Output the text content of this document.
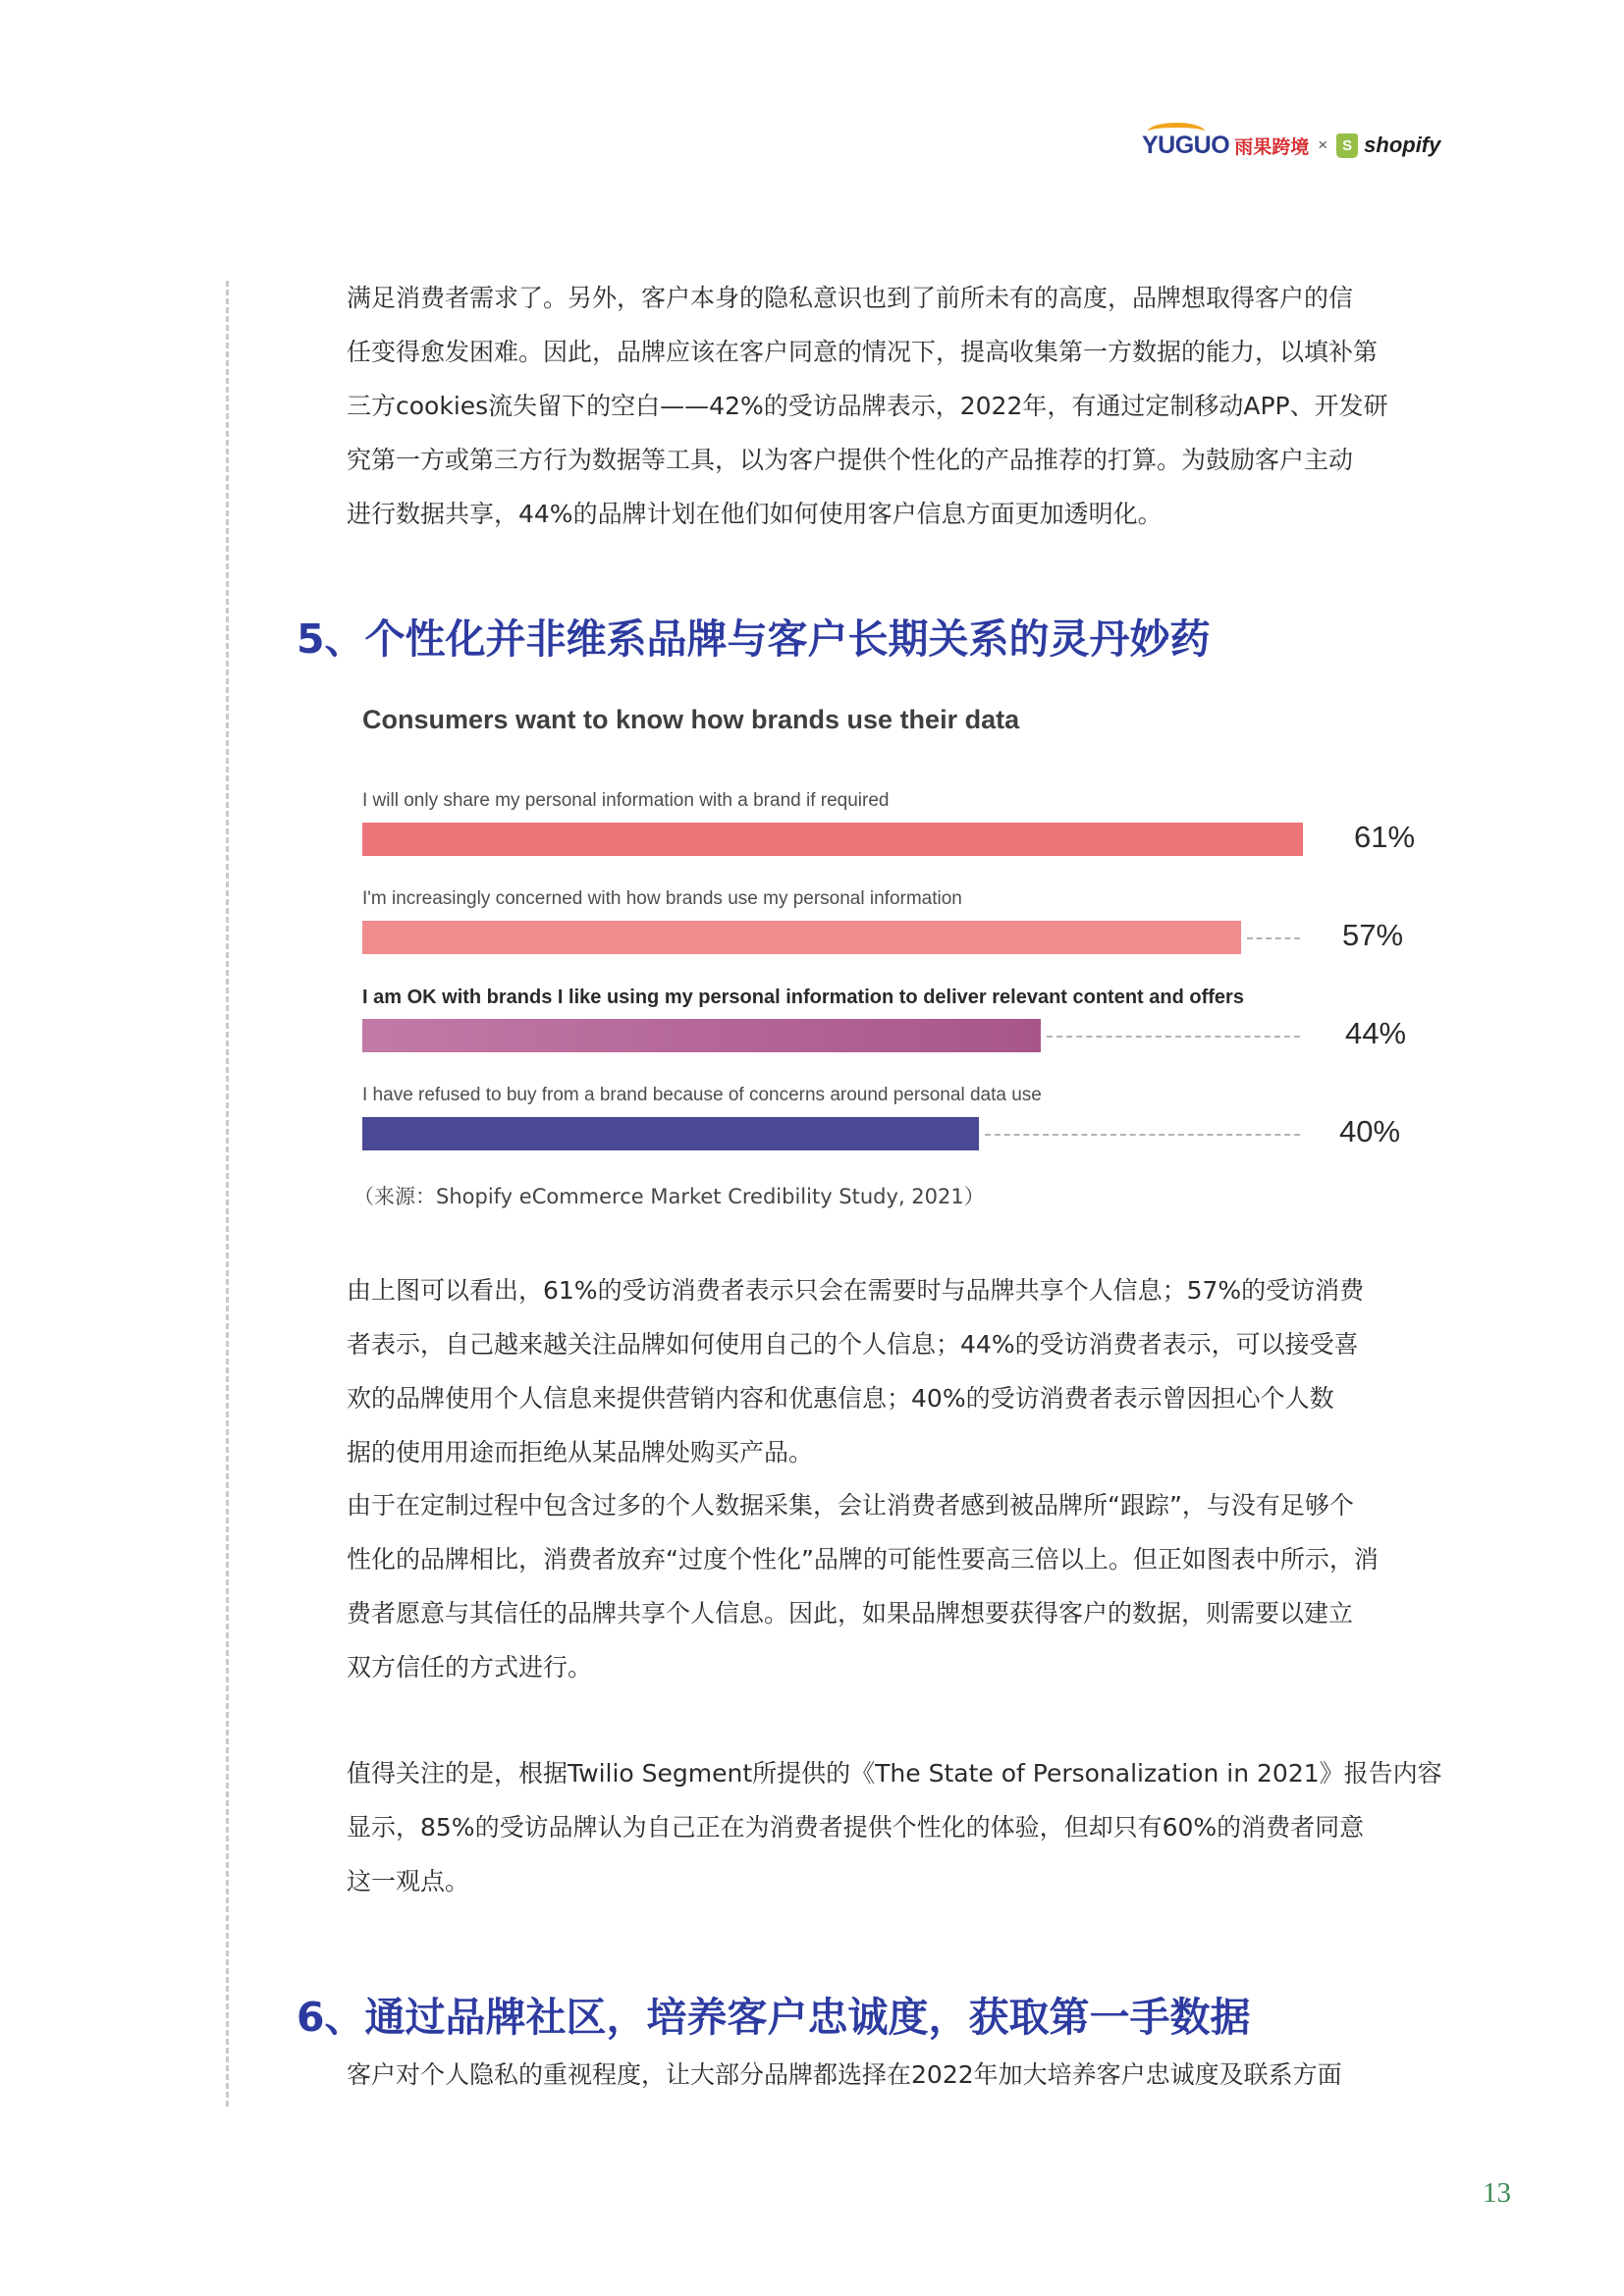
YUGUO 雨果跨境 × S shopify
满足消费者需求了。另外，客户本身的隐私意识也到了前所未有的高度，品牌想取得客户的信
任变得愈发困难。因此，品牌应该在客户同意的情况下，提高收集第一方数据的能力，以填补第
三方cookies流失留下的空白——42%的受访品牌表示，2022年，有通过定制移动APP、开发研
究第一方或第三方行为数据等工具，以为客户提供个性化的产品推荐的打算。为鼓励客户主动
进行数据共享，44%的品牌计划在他们如何使用客户信息方面更加透明化。
5、个性化并非维系品牌与客户长期关系的灵丹妙药
Consumers want to know how brands use their data
I will only share my personal information with a brand if required
61%
I'm increasingly concerned with how brands use my personal information
57%
I am OK with brands I like using my personal information to deliver relevant content and offers
44%
I have refused to buy from a brand because of concerns around personal data use
40%
（来源：Shopify eCommerce Market Credibility Study, 2021）
由上图可以看出，61%的受访消费者表示只会在需要时与品牌共享个人信息；57%的受访消费
者表示，自己越来越关注品牌如何使用自己的个人信息；44%的受访消费者表示，可以接受喜
欢的品牌使用个人信息来提供营销内容和优惠信息；40%的受访消费者表示曾因担心个人数
据的使用用途而拒绝从某品牌处购买产品。
由于在定制过程中包含过多的个人数据采集，会让消费者感到被品牌所“跟踪”，与没有足够个
性化的品牌相比，消费者放弃“过度个性化”品牌的可能性要高三倍以上。但正如图表中所示，消
费者愿意与其信任的品牌共享个人信息。因此，如果品牌想要获得客户的数据，则需要以建立
双方信任的方式进行。
值得关注的是，根据Twilio Segment所提供的《The State of Personalization in 2021》报告内容
显示，85%的受访品牌认为自己正在为消费者提供个性化的体验，但却只有60%的消费者同意
这一观点。
6、通过品牌社区，培养客户忠诚度，获取第一手数据
客户对个人隐私的重视程度，让大部分品牌都选择在2022年加大培养客户忠诚度及联系方面
13
